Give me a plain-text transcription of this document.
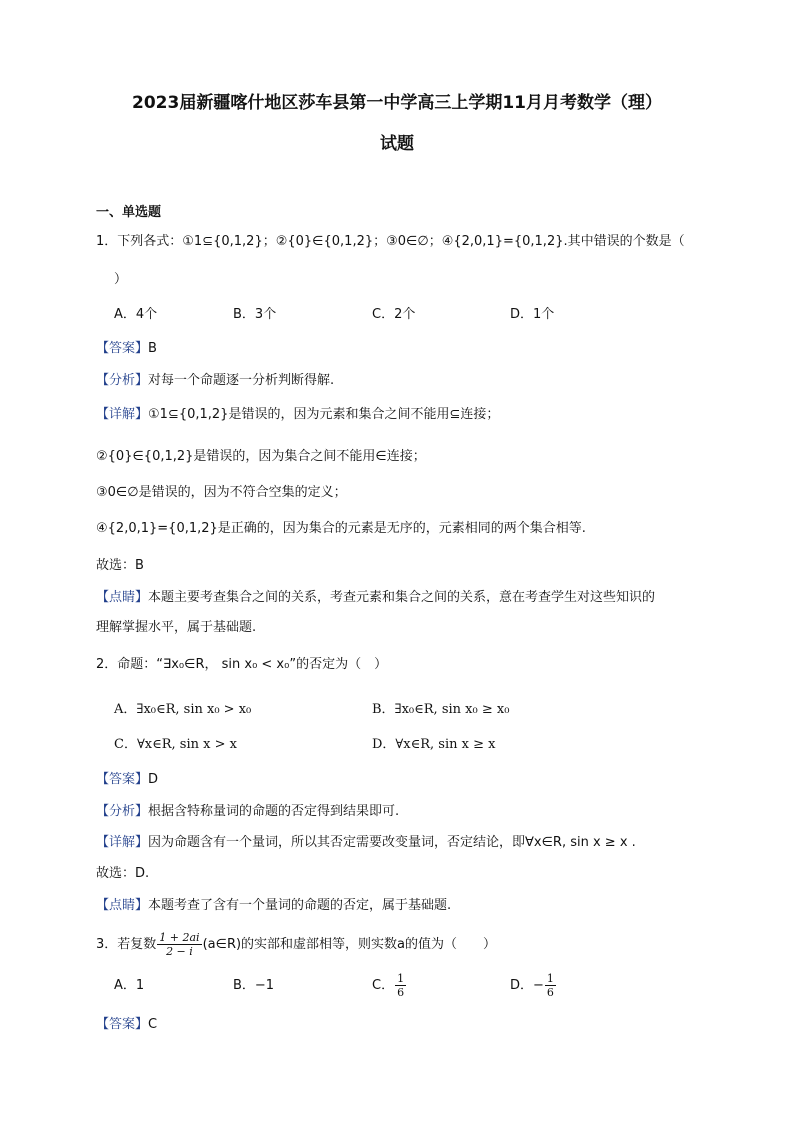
2023届新疆喀什地区莎车县第一中学高三上学期11月月考数学（理）
试题
一、单选题
1．下列各式：①1⊆{0,1,2}；②{0}∈{0,1,2}；③0∈∅；④{2,0,1}={0,1,2}.其中错误的个数是（
）
A．4个	B．3个	C．2个	D．1个
【答案】B
【分析】对每一个命题逐一分析判断得解.
【详解】①1⊆{0,1,2}是错误的，因为元素和集合之间不能用⊆连接；
②{0}∈{0,1,2}是错误的，因为集合之间不能用∈连接；
③0∈∅是错误的，因为不符合空集的定义；
④{2,0,1}={0,1,2}是正确的，因为集合的元素是无序的，元素相同的两个集合相等.
故选：B
【点睛】本题主要考查集合之间的关系，考查元素和集合之间的关系，意在考查学生对这些知识的
理解掌握水平，属于基础题.
2．命题：“∃x₀∈R， sin x₀ < x₀”的否定为（　）
A．∃x₀∈R, sin x₀ > x₀	B．∃x₀∈R, sin x₀ ≥ x₀
C．∀x∈R, sin x > x	D．∀x∈R, sin x ≥ x
【答案】D
【分析】根据含特称量词的命题的否定得到结果即可.
【详解】因为命题含有一个量词，所以其否定需要改变量词，否定结论，即∀x∈R, sin x ≥ x .
故选：D.
【点睛】本题考查了含有一个量词的命题的否定，属于基础题.
3．若复数 $\frac{1 + 2ai}{2 - i}$ (a∈R)的实部和虚部相等，则实数a的值为（　　）
A．1	B．−1	C． $\frac{1}{6}$	D．− $\frac{1}{6}$
【答案】C
